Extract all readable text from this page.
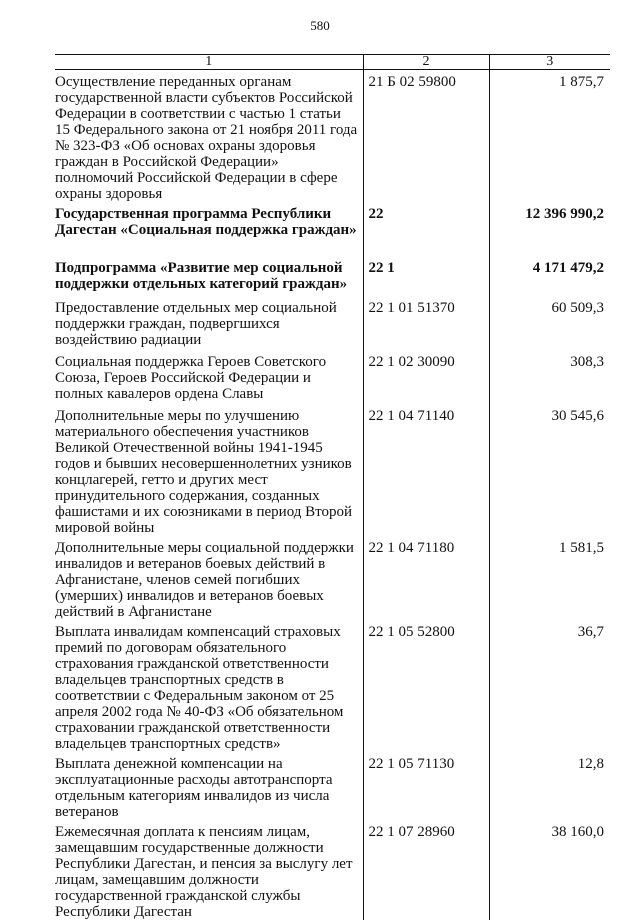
580
1	2	3
Осуществление переданных органам государственной власти субъектов Российской Федерации в соответствии с частью 1 статьи 15 Федерального закона от 21 ноября 2011 года № 323-ФЗ «Об основах охраны здоровья граждан в Российской Федерации» полномочий Российской Федерации в сфере охраны здоровья	21 Б 02 59800	1 875,7
Государственная программа Республики Дагестан «Социальная поддержка граждан»	22	12 396 990,2
Подпрограмма «Развитие мер социальной поддержки отдельных категорий граждан»	22 1	4 171 479,2
Предоставление отдельных мер социальной поддержки граждан, подвергшихся воздействию радиации	22 1 01 51370	60 509,3
Социальная поддержка Героев Советского Союза, Героев Российской Федерации и полных кавалеров ордена Славы	22 1 02 30090	308,3
Дополнительные меры по улучшению материального обеспечения участников Великой Отечественной войны 1941-1945 годов и бывших несовершеннолетних узников концлагерей, гетто и других мест принудительного содержания, созданных фашистами и их союзниками в период Второй мировой войны	22 1 04 71140	30 545,6
Дополнительные меры социальной поддержки инвалидов и ветеранов боевых действий в Афганистане, членов семей погибших (умерших) инвалидов и ветеранов боевых действий в Афганистане	22 1 04 71180	1 581,5
Выплата инвалидам компенсаций страховых премий по договорам обязательного страхования гражданской ответственности владельцев транспортных средств в соответствии с Федеральным законом от 25 апреля 2002 года № 40-ФЗ «Об обязательном страховании гражданской ответственности владельцев транспортных средств»	22 1 05 52800	36,7
Выплата денежной компенсации на эксплуатационные расходы автотранспорта отдельным категориям инвалидов из числа ветеранов	22 1 05 71130	12,8
Ежемесячная доплата к пенсиям лицам, замещавшим государственные должности Республики Дагестан, и пенсия за выслугу лет лицам, замещавшим должности государственной гражданской службы Республики Дагестан	22 1 07 28960	38 160,0
